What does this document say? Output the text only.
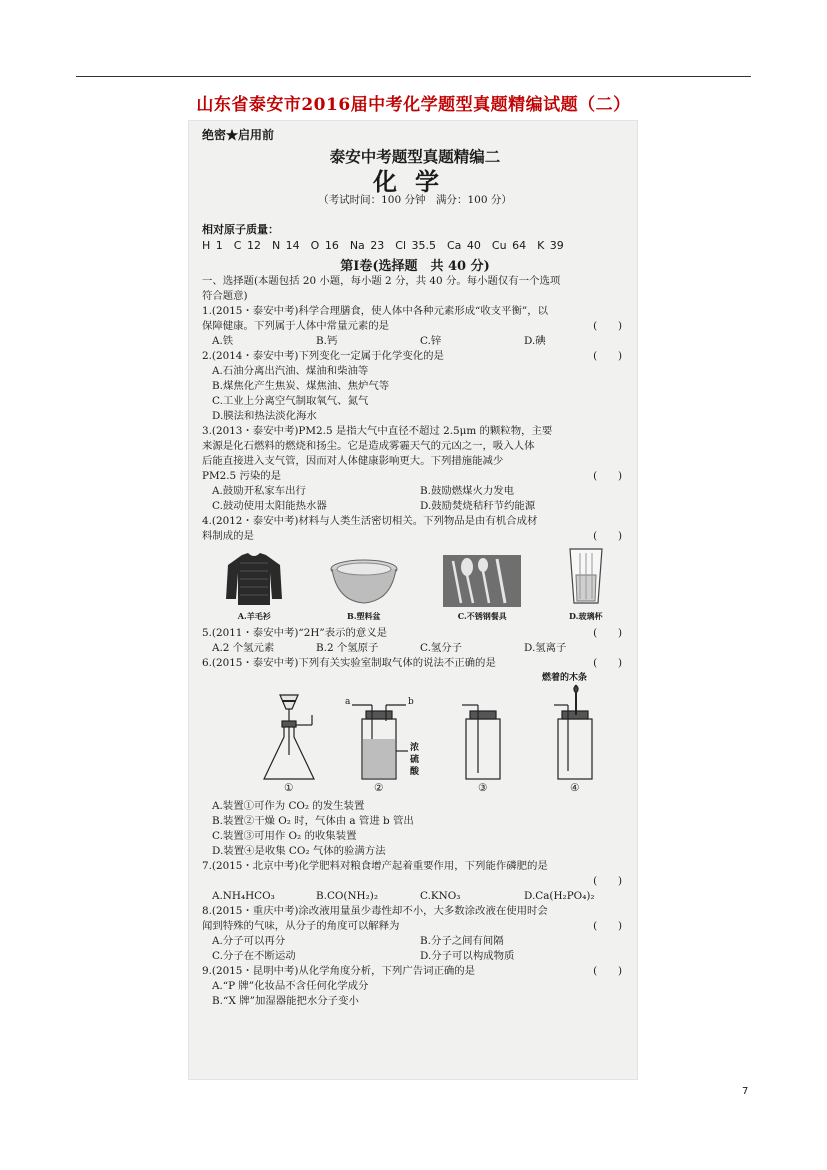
山东省泰安市2016届中考化学题型真题精编试题（二）
绝密★启用前
泰安中考题型真题精编二
化学
（考试时间：100 分钟　满分：100 分）
相对原子质量：
H 1　C 12　N 14　O 16　Na 23　Cl 35.5　Ca 40　Cu 64　K 39
第Ⅰ卷(选择题　共 40 分)

一、选择题(本题包括 20 小题，每小题 2 分，共 40 分。每小题仅有一个选项

符合题意)

1.(2015・泰安中考)科学合理膳食，使人体中各种元素形成“收支平衡”，以

保障健康。下列属于人体中常量元素的是	(　　)

A.铁	B.钙	C.锌	D.碘

2.(2014・泰安中考)下列变化一定属于化学变化的是	(　　)

A.石油分离出汽油、煤油和柴油等
B.煤焦化产生焦炭、煤焦油、焦炉气等
C.工业上分离空气制取氧气、氮气
D.膜法和热法淡化海水

3.(2013・泰安中考)PM2.5 是指大气中直径不超过 2.5μm 的颗粒物，主要

来源是化石燃料的燃烧和扬尘。它是造成雾霾天气的元凶之一，吸入人体

后能直接进入支气管，因而对人体健康影响更大。下列措施能减少

PM2.5 污染的是	(　　)

A.鼓励开私家车出行	B.鼓励燃煤火力发电
C.鼓动使用太阳能热水器	D.鼓励焚烧秸秆节约能源

4.(2012・泰安中考)材料与人类生活密切相关。下列物品是由有机合成材

料制成的是	(　　)

A.羊毛衫	B.塑料盆	C.不锈钢餐具	D.玻璃杯

5.(2011・泰安中考)“2H”表示的意义是	(　　)

A.2 个氢元素	B.2 个氢原子	C.氢分子	D.氢离子

6.(2015・泰安中考)下列有关实验室制取气体的说法不正确的是	(　　)

a	b
浓
硫
酸
燃着的木条
①	②	③	④
A.装置①可作为 CO₂ 的发生装置
B.装置②干燥 O₂ 时，气体由 a 管进 b 管出
C.装置③可用作 O₂ 的收集装置
D.装置④是收集 CO₂ 气体的验满方法

7.(2015・北京中考)化学肥料对粮食增产起着重要作用，下列能作磷肥的是

(　　)
A.NH₄HCO₃	B.CO(NH₂)₂	C.KNO₃	D.Ca(H₂PO₄)₂

8.(2015・重庆中考)涂改液用量虽少毒性却不小，大多数涂改液在使用时会

闻到特殊的气味，从分子的角度可以解释为	(　　)

A.分子可以再分	B.分子之间有间隔
C.分子在不断运动	D.分子可以构成物质

9.(2015・昆明中考)从化学角度分析，下列广告词正确的是	(　　)

A.“P 牌”化妆品不含任何化学成分
B.“X 牌”加湿器能把水分子变小
7
